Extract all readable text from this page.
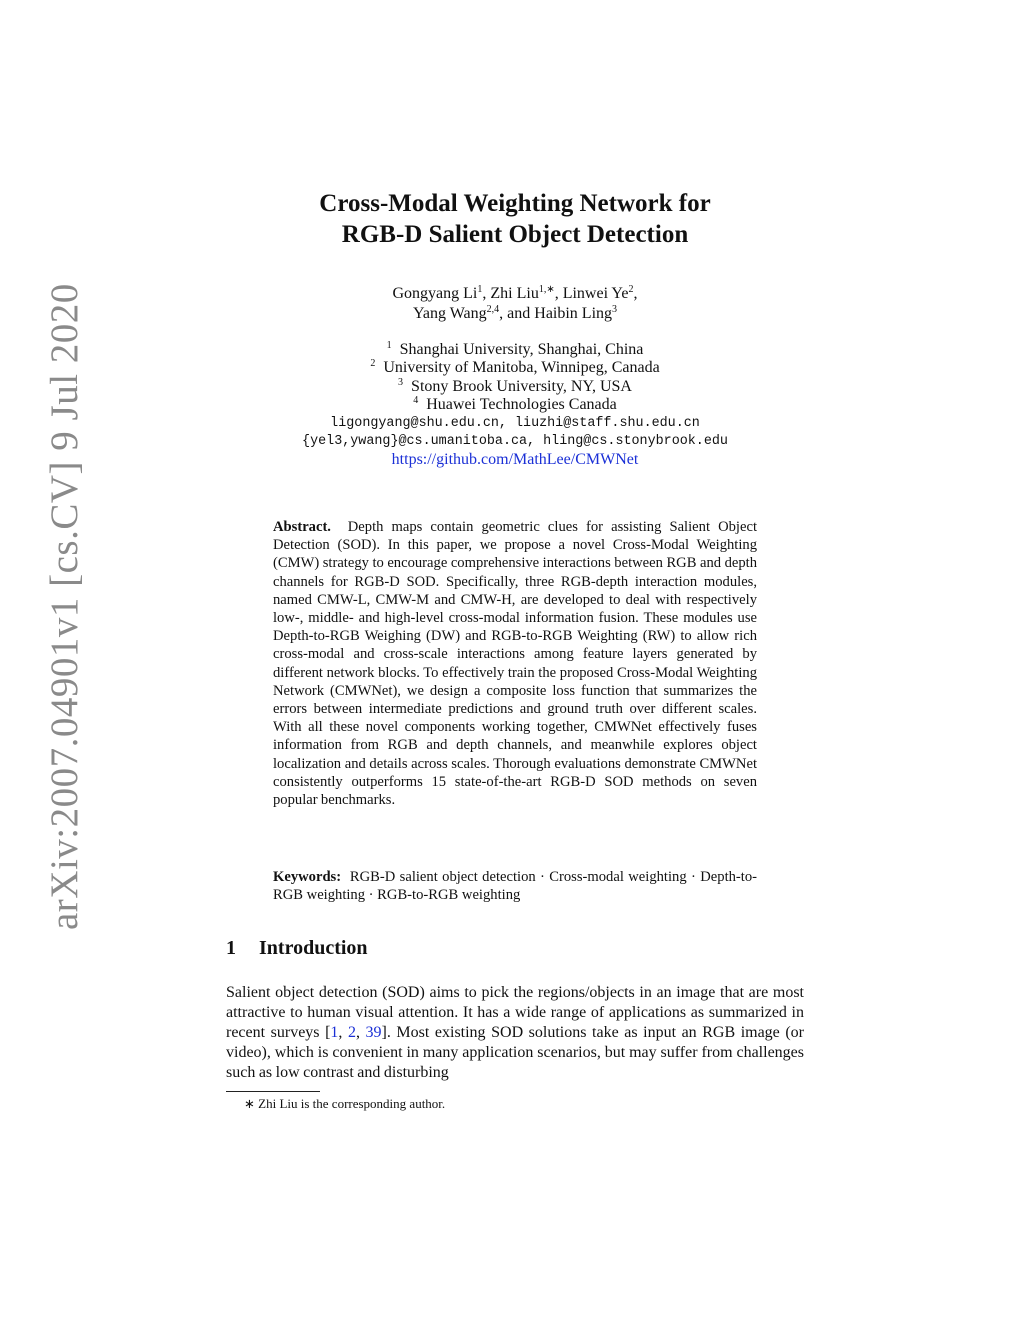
arXiv:2007.04901v1 [cs.CV] 9 Jul 2020
Cross-Modal Weighting Network for
RGB-D Salient Object Detection
Gongyang Li$^1$, Zhi Liu$^{1,∗}$, Linwei Ye$^2$,
Yang Wang$^{2,4}$, and Haibin Ling$^3$
$^1$ Shanghai University, Shanghai, China
$^2$ University of Manitoba, Winnipeg, Canada
$^3$ Stony Brook University, NY, USA
$^4$ Huawei Technologies Canada
ligongyang@shu.edu.cn, liuzhi@staff.shu.edu.cn
{yel3,ywang}@cs.umanitoba.ca, hling@cs.stonybrook.edu
https://github.com/MathLee/CMWNet
Abstract. Depth maps contain geometric clues for assisting Salient Object Detection (SOD). In this paper, we propose a novel Cross-Modal Weighting (CMW) strategy to encourage comprehensive interactions between RGB and depth channels for RGB-D SOD. Specifically, three RGB-depth interaction modules, named CMW-L, CMW-M and CMW-H, are developed to deal with respectively low-, middle- and high-level cross-modal information fusion. These modules use Depth-to-RGB Weighing (DW) and RGB-to-RGB Weighting (RW) to allow rich cross-modal and cross-scale interactions among feature layers generated by different network blocks. To effectively train the proposed Cross-Modal Weighting Network (CMWNet), we design a composite loss function that summarizes the errors between intermediate predictions and ground truth over different scales. With all these novel components working together, CMWNet effectively fuses information from RGB and depth channels, and meanwhile explores object localization and details across scales. Thorough evaluations demonstrate CMWNet consistently outperforms 15 state-of-the-art RGB-D SOD methods on seven popular benchmarks.
Keywords: RGB-D salient object detection · Cross-modal weighting · Depth-to-RGB weighting · RGB-to-RGB weighting
1 Introduction
Salient object detection (SOD) aims to pick the regions/objects in an image that are most attractive to human visual attention. It has a wide range of applications as summarized in recent surveys [1, 2, 39]. Most existing SOD solutions take as input an RGB image (or video), which is convenient in many application scenarios, but may suffer from challenges such as low contrast and disturbing
∗ Zhi Liu is the corresponding author.
